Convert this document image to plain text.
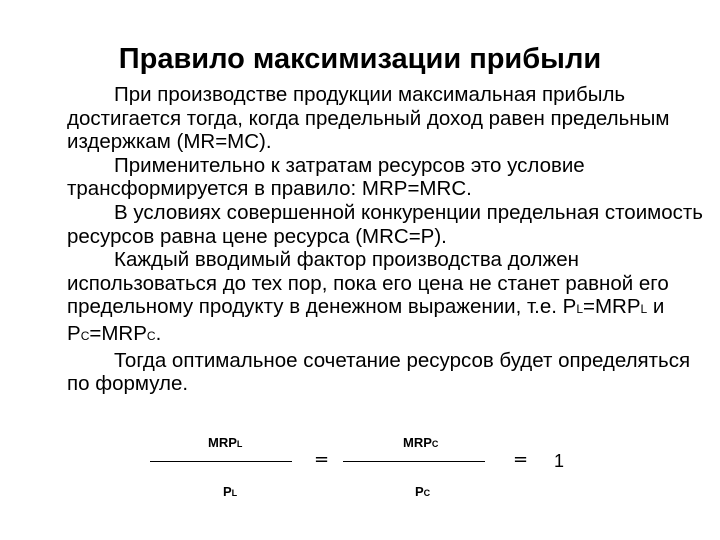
Правило максимизации прибыли

При производстве продукции максимальная прибыль достигается тогда, когда предельный доход равен предельным издержкам (MR=MC).

Применительно к затратам ресурсов это условие трансформируется в правило: MRP=MRC.

В условиях совершенной конкуренции предельная стоимость ресурсов равна цене ресурса (MRC=P).

Каждый вводимый фактор производства должен использоваться до тех пор, пока его цена не станет равной его предельному продукту в денежном выражении, т.е. PL=MRPL и PC=MRPC.

Тогда оптимальное сочетание ресурсов будет определяться по формуле.

MRPL
PL
=
MRPC
PC
= 1
